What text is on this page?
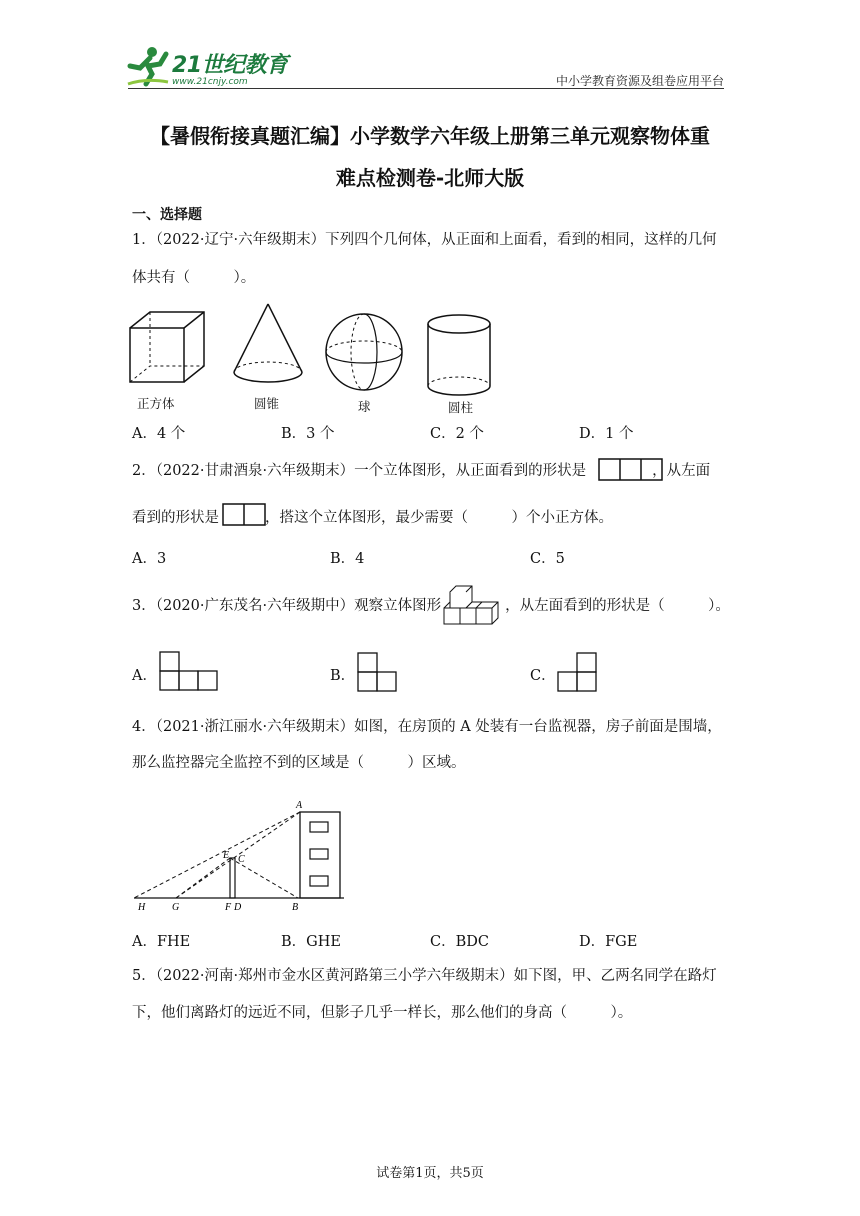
21世纪教育
www.21cnjy.com	中小学教育资源及组卷应用平台
【暑假衔接真题汇编】小学数学六年级上册第三单元观察物体重
难点检测卷-北师大版
一、选择题
1．（2022·辽宁·六年级期末）下列四个几何体，从正面和上面看，看到的相同，这样的几何
体共有（　　　）。
正方体	圆锥	球	圆柱
A．4 个	B．3 个	C．2 个	D．1 个
2．（2022·甘肃酒泉·六年级期末）一个立体图形，从正面看到的形状是	，从左面
看到的形状是	，搭这个立体图形，最少需要（　　　）个小正方体。
A．3	B．4	C．5
3．（2020·广东茂名·六年级期中）观察立体图形	，从左面看到的形状是（　　　）。
A．	B．	C．
4．（2021·浙江丽水·六年级期末）如图，在房顶的 A 处装有一台监视器，房子前面是围墙，
那么监控器完全监控不到的区域是（　　　）区域。
A
E C
H	G	F D	B
A．FHE	B．GHE	C．BDC	D．FGE
5．（2022·河南·郑州市金水区黄河路第三小学六年级期末）如下图，甲、乙两名同学在路灯
下，他们离路灯的远近不同，但影子几乎一样长，那么他们的身高（　　　）。
试卷第1页，共5页
